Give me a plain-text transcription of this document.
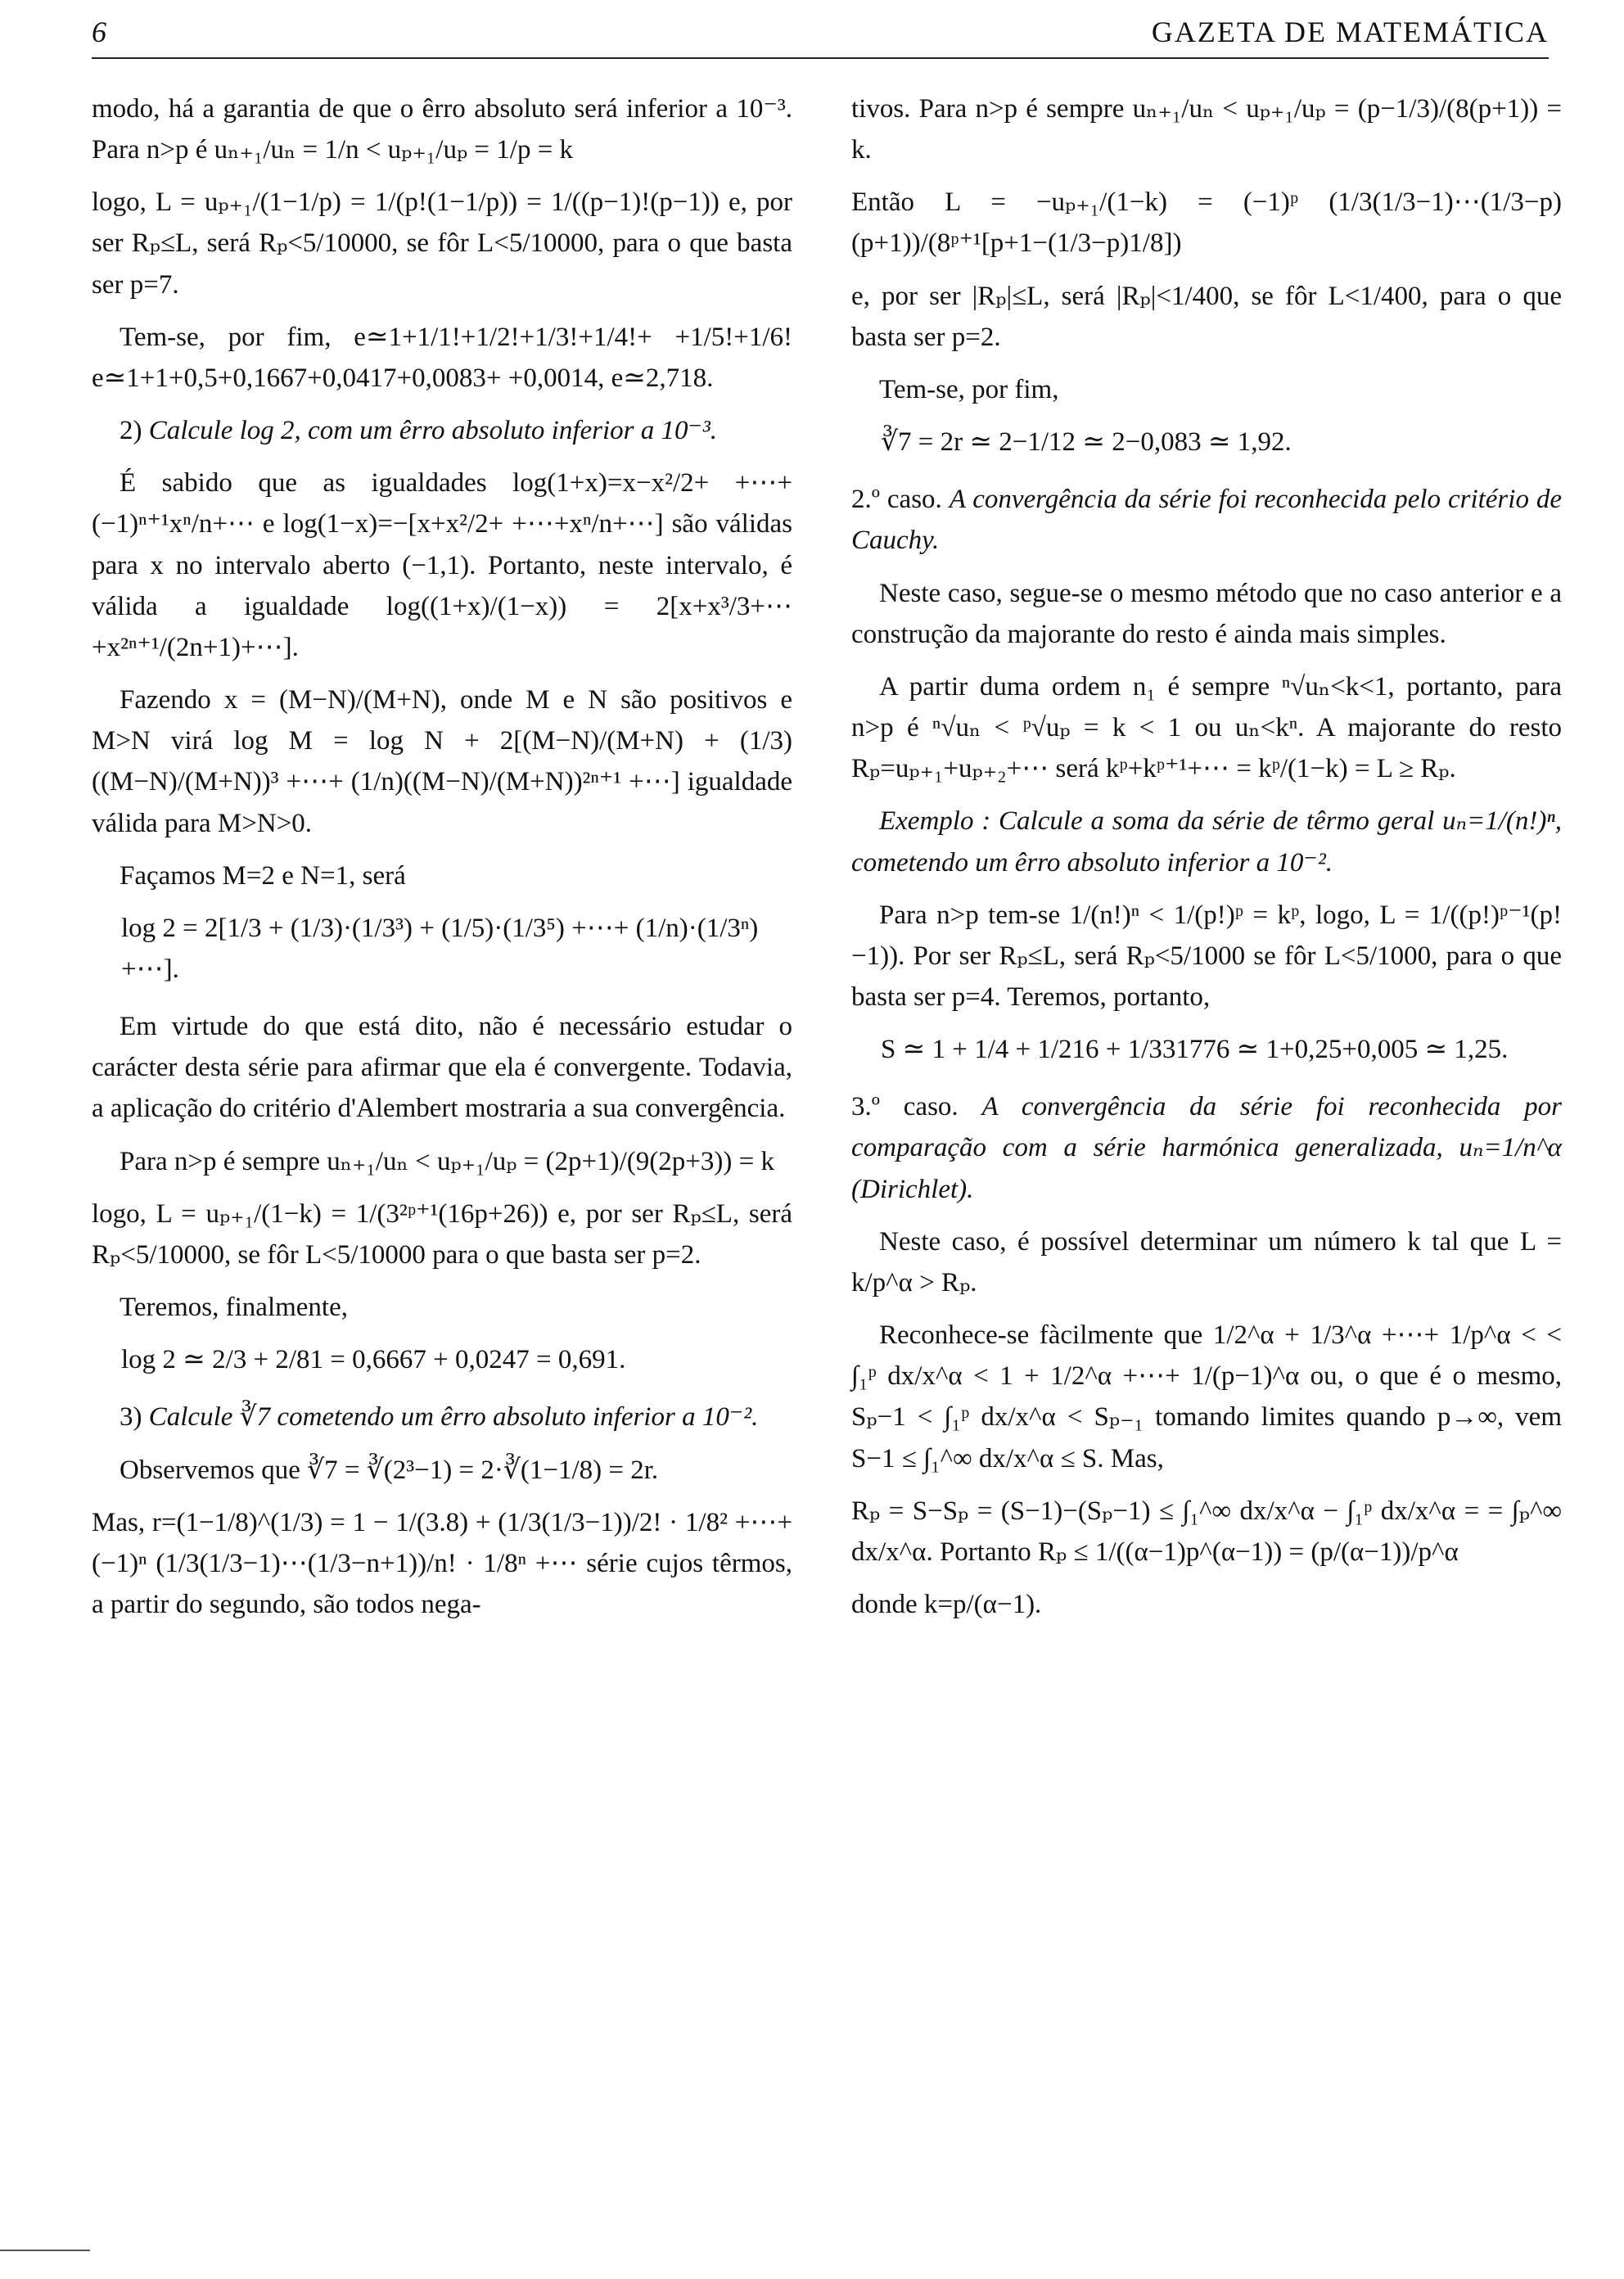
6	GAZETA DE MATEMÁTICA

modo, há a garantia de que o êrro absoluto será inferior a 10⁻³. Para n>p é uₙ₊₁/uₙ = 1/n < uₚ₊₁/uₚ = 1/p = k

logo, L = uₚ₊₁/(1−1/p) = 1/(p!(1−1/p)) = 1/((p−1)!(p−1)) e, por ser Rₚ≤L, será Rₚ<5/10000, se fôr L<5/10000, para o que basta ser p=7.

Tem-se, por fim, e≃1+1/1!+1/2!+1/3!+1/4!+ +1/5!+1/6! e≃1+1+0,5+0,1667+0,0417+0,0083+ +0,0014, e≃2,718.

2) Calcule log 2, com um êrro absoluto inferior a 10⁻³.

É sabido que as igualdades log(1+x)=x−x²/2+ +⋯+(−1)ⁿ⁺¹xⁿ/n+⋯ e log(1−x)=−[x+x²/2+ +⋯+xⁿ/n+⋯] são válidas para x no intervalo aberto (−1,1). Portanto, neste intervalo, é válida a igualdade log((1+x)/(1−x)) = 2[x+x³/3+⋯+x²ⁿ⁺¹/(2n+1)+⋯].

Fazendo x = (M−N)/(M+N), onde M e N são positivos e M>N virá log M = log N + 2[(M−N)/(M+N) + (1/3)((M−N)/(M+N))³ +⋯+ (1/n)((M−N)/(M+N))²ⁿ⁺¹ +⋯] igualdade válida para M>N>0.

Façamos M=2 e N=1, será

log 2 = 2[1/3 + (1/3)·(1/3³) + (1/5)·(1/3⁵) +⋯+ (1/n)·(1/3ⁿ) +⋯].

Em virtude do que está dito, não é necessário estudar o carácter desta série para afirmar que ela é convergente. Todavia, a aplicação do critério d'Alembert mostraria a sua convergência.

Para n>p é sempre uₙ₊₁/uₙ < uₚ₊₁/uₚ = (2p+1)/(9(2p+3)) = k

logo, L = uₚ₊₁/(1−k) = 1/(3²ᵖ⁺¹(16p+26)) e, por ser Rₚ≤L, será Rₚ<5/10000, se fôr L<5/10000 para o que basta ser p=2.

Teremos, finalmente,

log 2 ≃ 2/3 + 2/81 = 0,6667 + 0,0247 = 0,691.

3) Calcule ∛7 cometendo um êrro absoluto inferior a 10⁻².

Observemos que ∛7 = ∛(2³−1) = 2·∛(1−1/8) = 2r.

Mas, r=(1−1/8)^(1/3) = 1 − 1/(3.8) + (1/3(1/3−1))/2! · 1/8² +⋯+ (−1)ⁿ (1/3(1/3−1)⋯(1/3−n+1))/n! · 1/8ⁿ +⋯ série cujos têrmos, a partir do segundo, são todos nega-

tivos. Para n>p é sempre uₙ₊₁/uₙ < uₚ₊₁/uₚ = (p−1/3)/(8(p+1)) = k.

Então L = −uₚ₊₁/(1−k) = (−1)ᵖ (1/3(1/3−1)⋯(1/3−p)(p+1))/(8ᵖ⁺¹[p+1−(1/3−p)1/8])

e, por ser |Rₚ|≤L, será |Rₚ|<1/400, se fôr L<1/400, para o que basta ser p=2.

Tem-se, por fim,

∛7 = 2r ≃ 2−1/12 ≃ 2−0,083 ≃ 1,92.

2.º caso. A convergência da série foi reconhecida pelo critério de Cauchy.

Neste caso, segue-se o mesmo método que no caso anterior e a construção da majorante do resto é ainda mais simples.

A partir duma ordem n₁ é sempre ⁿ√uₙ<k<1, portanto, para n>p é ⁿ√uₙ < ᵖ√uₚ = k < 1 ou uₙ<kⁿ. A majorante do resto Rₚ=uₚ₊₁+uₚ₊₂+⋯ será kᵖ+kᵖ⁺¹+⋯ = kᵖ/(1−k) = L ≥ Rₚ.

Exemplo : Calcule a soma da série de têrmo geral uₙ=1/(n!)ⁿ, cometendo um êrro absoluto inferior a 10⁻².

Para n>p tem-se 1/(n!)ⁿ < 1/(p!)ᵖ = kᵖ, logo, L = 1/((p!)ᵖ⁻¹(p!−1)). Por ser Rₚ≤L, será Rₚ<5/1000 se fôr L<5/1000, para o que basta ser p=4. Teremos, portanto,

S ≃ 1 + 1/4 + 1/216 + 1/331776 ≃ 1+0,25+0,005 ≃ 1,25.

3.º caso. A convergência da série foi reconhecida por comparação com a série harmónica generalizada, uₙ=1/n^α (Dirichlet).

Neste caso, é possível determinar um número k tal que L = k/p^α > Rₚ.

Reconhece-se fàcilmente que 1/2^α + 1/3^α +⋯+ 1/p^α < < ∫₁ᵖ dx/x^α < 1 + 1/2^α +⋯+ 1/(p−1)^α ou, o que é o mesmo, Sₚ−1 < ∫₁ᵖ dx/x^α < Sₚ₋₁ tomando limites quando p→∞, vem S−1 ≤ ∫₁^∞ dx/x^α ≤ S. Mas,

Rₚ = S−Sₚ = (S−1)−(Sₚ−1) ≤ ∫₁^∞ dx/x^α − ∫₁ᵖ dx/x^α = = ∫ₚ^∞ dx/x^α. Portanto Rₚ ≤ 1/((α−1)p^(α−1)) = (p/(α−1))/p^α

donde k=p/(α−1).
